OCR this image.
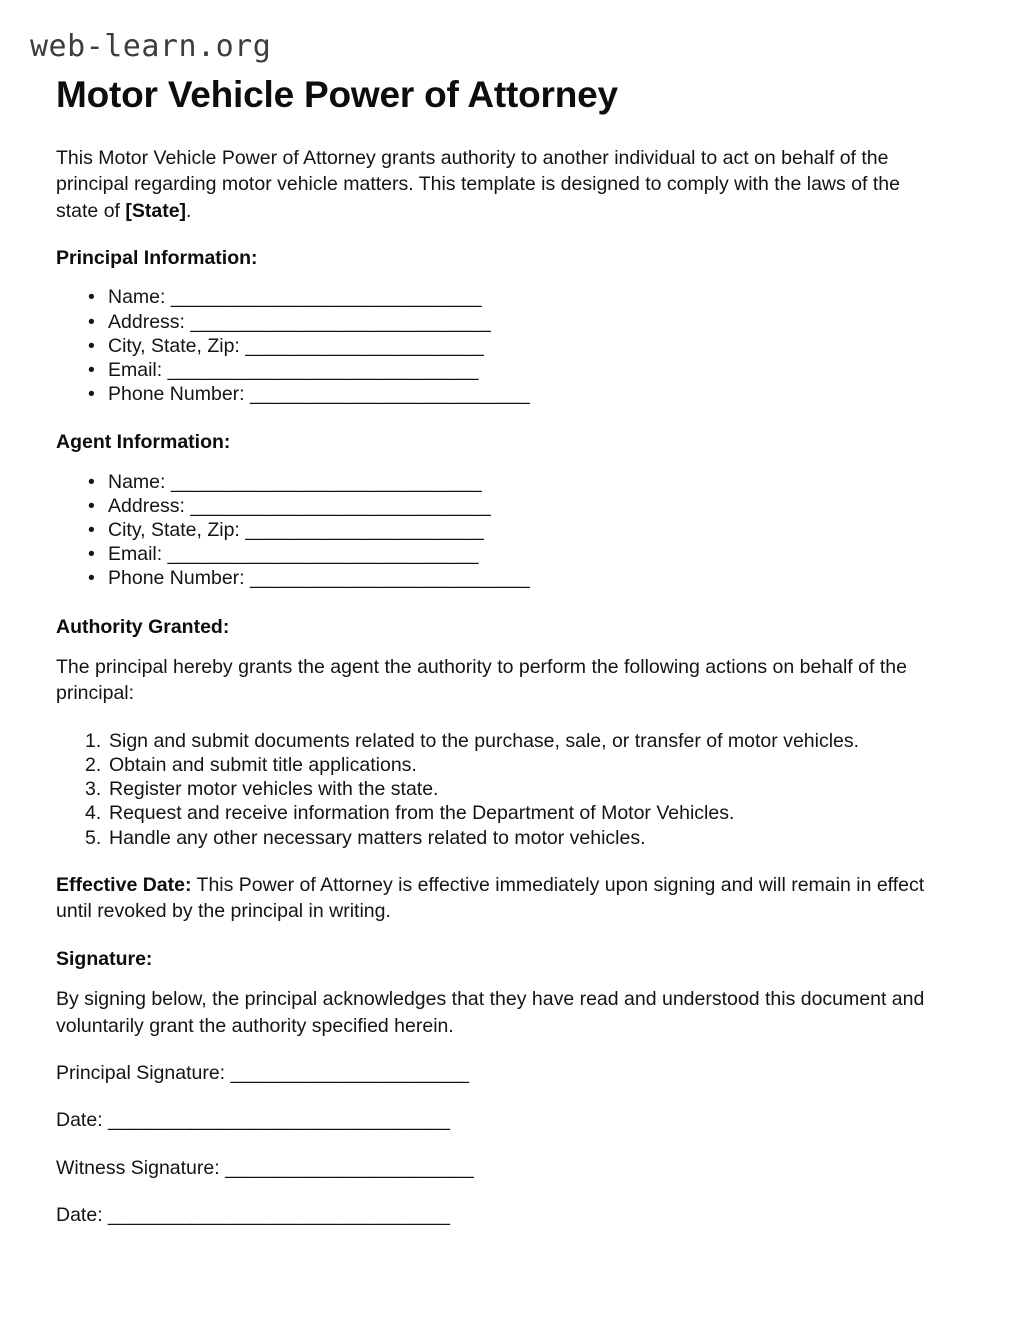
web-learn.org
Motor Vehicle Power of Attorney

This Motor Vehicle Power of Attorney grants authority to another individual to act on behalf of the principal regarding motor vehicle matters. This template is designed to comply with the laws of the state of [State].

Principal Information:
• Name: ______________________________
• Address: _____________________________
• City, State, Zip: _______________________
• Email: ______________________________
• Phone Number: ___________________________
Agent Information:
• Name: ______________________________
• Address: _____________________________
• City, State, Zip: _______________________
• Email: ______________________________
• Phone Number: ___________________________
Authority Granted:

The principal hereby grants the agent the authority to perform the following actions on behalf of the principal:

1. Sign and submit documents related to the purchase, sale, or transfer of motor vehicles.
2. Obtain and submit title applications.
3. Register motor vehicles with the state.
4. Request and receive information from the Department of Motor Vehicles.
5. Handle any other necessary matters related to motor vehicles.

Effective Date: This Power of Attorney is effective immediately upon signing and will remain in effect until revoked by the principal in writing.

Signature:

By signing below, the principal acknowledges that they have read and understood this document and voluntarily grant the authority specified herein.

Principal Signature: _______________________
Date: _________________________________
Witness Signature: ________________________
Date: _________________________________
